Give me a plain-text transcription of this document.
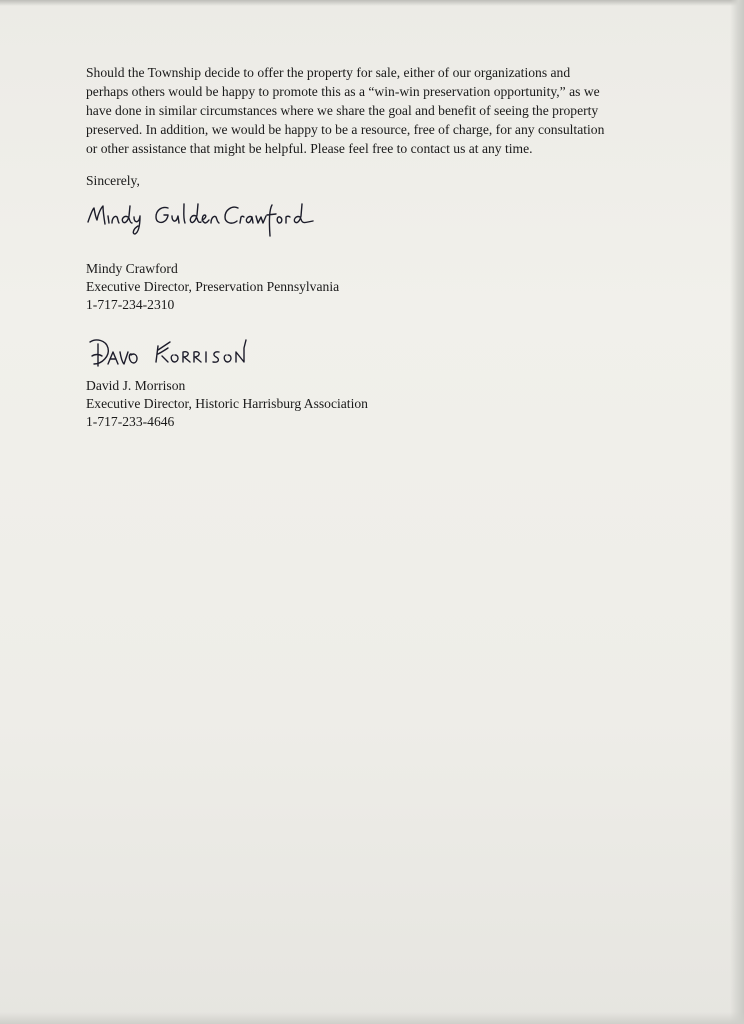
Should the Township decide to offer the property for sale, either of our organizations and
perhaps others would be happy to promote this as a “win-win preservation opportunity,” as we
have done in similar circumstances where we share the goal and benefit of seeing the property
preserved. In addition, we would be happy to be a resource, free of charge, for any consultation
or other assistance that might be helpful. Please feel free to contact us at any time.
Sincerely,
Mindy Crawford
Executive Director, Preservation Pennsylvania
1-717-234-2310
David J. Morrison
Executive Director, Historic Harrisburg Association
1-717-233-4646
